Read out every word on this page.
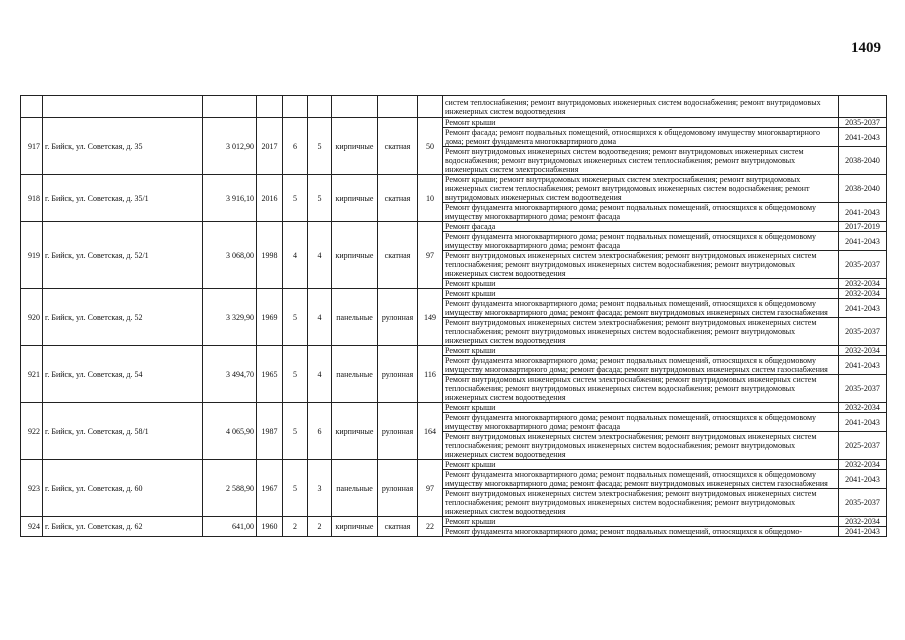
1409
									систем теплоснабжения; ремонт внутридомовых инженерных систем водоснабжения; ремонт внутридомовых инженерных систем водоотведения	
917	г. Бийск, ул. Советская, д. 35	3 012,90	2017	6	5	кирпичные	скатная	50	Ремонт крыши	2035-2037
									Ремонт фасада; ремонт подвальных помещений, относящихся к общедомовому имуществу многоквартирного дома; ремонт фундамента многоквартирного дома	2041-2043
									Ремонт внутридомовых инженерных систем водоотведения; ремонт внутридомовых инженерных систем водоснабжения; ремонт внутридомовых инженерных систем теплоснабжения; ремонт внутридомовых инженерных систем электроснабжения	2038-2040
918	г. Бийск, ул. Советская, д. 35/1	3 916,10	2016	5	5	кирпичные	скатная	10	Ремонт крыши; ремонт внутридомовых инженерных систем электроснабжения; ремонт внутридомовых инженерных систем теплоснабжения; ремонт внутридомовых инженерных систем водоснабжения; ремонт внутридомовых инженерных систем водоотведения	2038-2040
									Ремонт фундамента многоквартирного дома; ремонт подвальных помещений, относящихся к общедомовому имуществу многоквартирного дома; ремонт фасада	2041-2043
919	г. Бийск, ул. Советская, д. 52/1	3 068,00	1998	4	4	кирпичные	скатная	97	Ремонт фасада	2017-2019
									Ремонт фундамента многоквартирного дома; ремонт подвальных помещений, относящихся к общедомовому имуществу многоквартирного дома; ремонт фасада	2041-2043
									Ремонт внутридомовых инженерных систем электроснабжения; ремонт внутридомовых инженерных систем теплоснабжения; ремонт внутридомовых инженерных систем водоснабжения; ремонт внутридомовых инженерных систем водоотведения	2035-2037
									Ремонт крыши	2032-2034
920	г. Бийск, ул. Советская, д. 52	3 329,90	1969	5	4	панельные	рулонная	149	Ремонт крыши	2032-2034
									Ремонт фундамента многоквартирного дома; ремонт подвальных помещений, относящихся к общедомовому имуществу многоквартирного дома; ремонт фасада; ремонт внутридомовых инженерных систем газоснабжения	2041-2043
									Ремонт внутридомовых инженерных систем электроснабжения; ремонт внутридомовых инженерных систем теплоснабжения; ремонт внутридомовых инженерных систем водоснабжения; ремонт внутридомовых инженерных систем водоотведения	2035-2037
921	г. Бийск, ул. Советская, д. 54	3 494,70	1965	5	4	панельные	рулонная	116	Ремонт крыши	2032-2034
									Ремонт фундамента многоквартирного дома; ремонт подвальных помещений, относящихся к общедомовому имуществу многоквартирного дома; ремонт фасада; ремонт внутридомовых инженерных систем газоснабжения	2041-2043
									Ремонт внутридомовых инженерных систем электроснабжения; ремонт внутридомовых инженерных систем теплоснабжения; ремонт внутридомовых инженерных систем водоснабжения; ремонт внутридомовых инженерных систем водоотведения	2035-2037
922	г. Бийск, ул. Советская, д. 58/1	4 065,90	1987	5	6	кирпичные	рулонная	164	Ремонт крыши	2032-2034
									Ремонт фундамента многоквартирного дома; ремонт подвальных помещений, относящихся к общедомовому имуществу многоквартирного дома; ремонт фасада	2041-2043
									Ремонт внутридомовых инженерных систем электроснабжения; ремонт внутридомовых инженерных систем теплоснабжения; ремонт внутридомовых инженерных систем водоснабжения; ремонт внутридомовых инженерных систем водоотведения	2025-2037
923	г. Бийск, ул. Советская, д. 60	2 588,90	1967	5	3	панельные	рулонная	97	Ремонт крыши	2032-2034
									Ремонт фундамента многоквартирного дома; ремонт подвальных помещений, относящихся к общедомовому имуществу многоквартирного дома; ремонт фасада; ремонт внутридомовых инженерных систем газоснабжения	2041-2043
									Ремонт внутридомовых инженерных систем электроснабжения; ремонт внутридомовых инженерных систем теплоснабжения; ремонт внутридомовых инженерных систем водоснабжения; ремонт внутридомовых инженерных систем водоотведения	2035-2037
924	г. Бийск, ул. Советская, д. 62	641,00	1960	2	2	кирпичные	скатная	22	Ремонт крыши	2032-2034
									Ремонт фундамента многоквартирного дома; ремонт подвальных помещений, относящихся к общедомо-	2041-2043
